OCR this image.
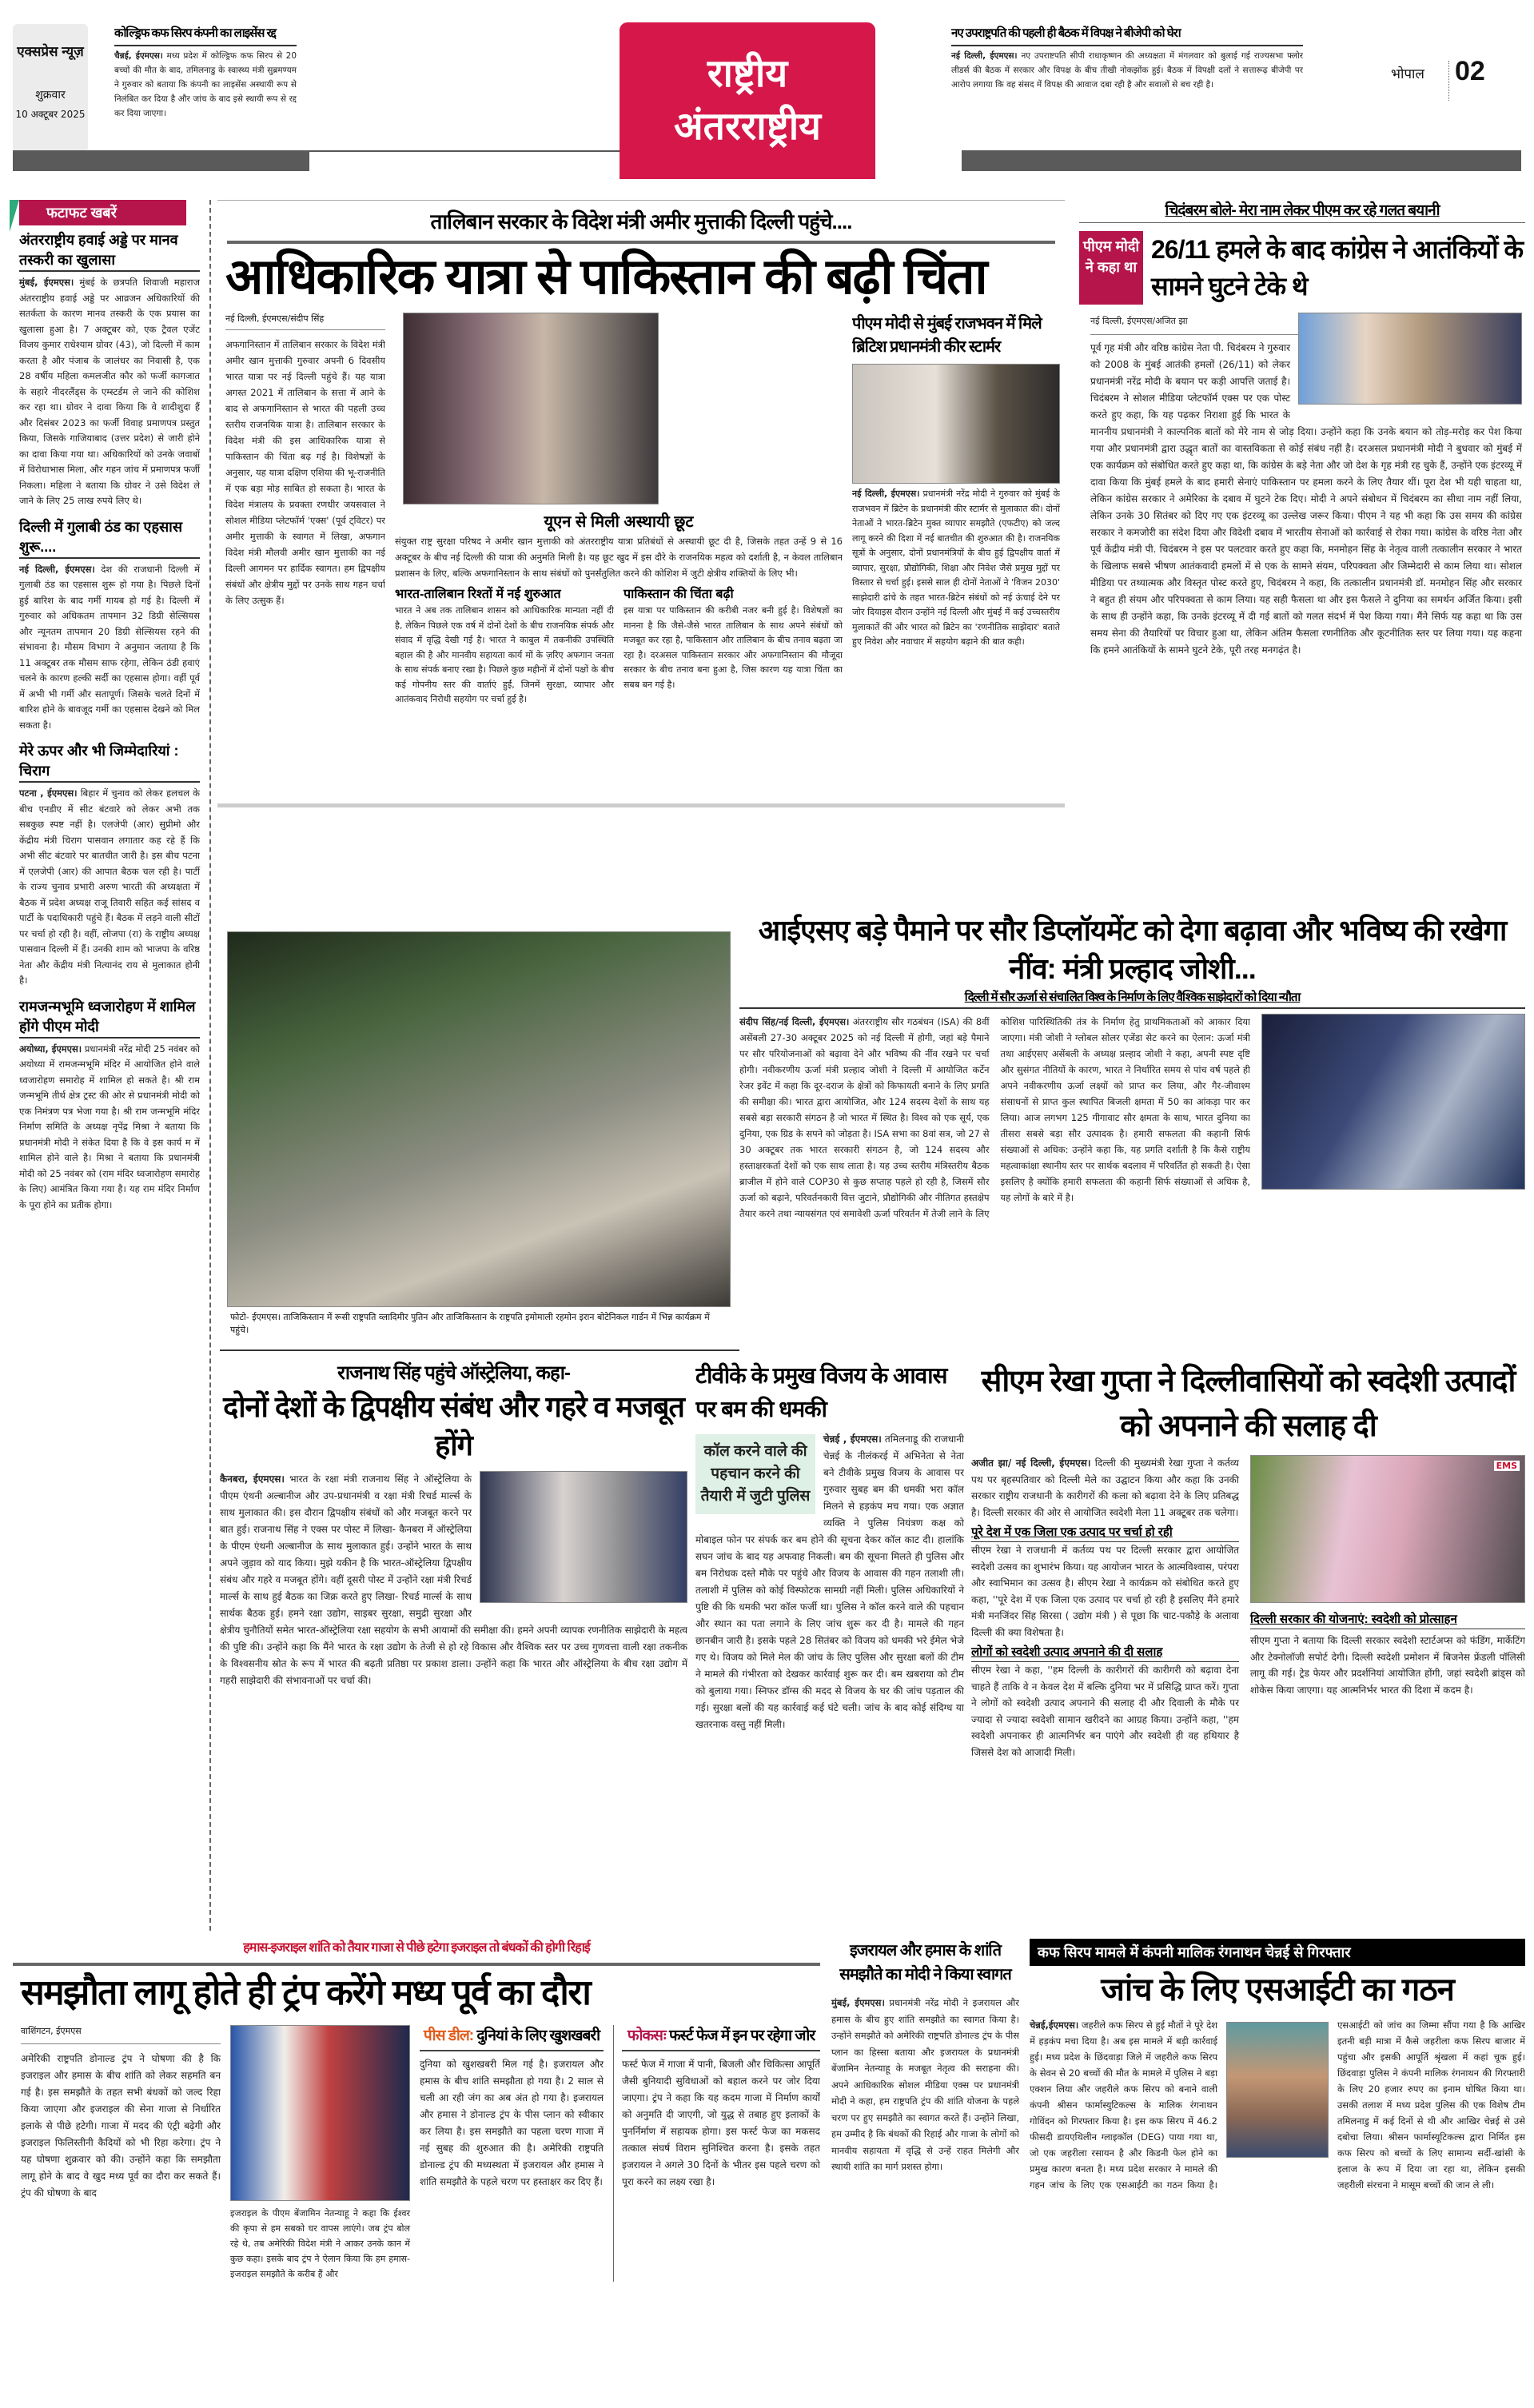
एक्सप्रेस न्यूज़
शुक्रवार
10 अक्टूबर 2025
कोल्ड्रिफ कफ सिरप कंपनी का लाइसेंस रद्द
चैन्नई, ईएमएस। मध्य प्रदेश में कोल्ड्रिफ कफ सिरप से 20 बच्चों की मौत के बाद, तमिलनाडु के स्वास्थ्य मंत्री सुब्रमण्यम ने गुरुवार को बताया कि कंपनी का लाइसेंस अस्थायी रूप से निलंबित कर दिया है और जांच के बाद इसे स्थायी रूप से रद्द कर दिया जाएगा।
राष्ट्रीय
अंतरराष्ट्रीय
नए उपराष्ट्रपति की पहली ही बैठक में विपक्ष ने बीजेपी को घेरा
नई दिल्ली, ईएमएस। नए उपराष्टपति सीपी राधाकृष्णन की अध्यक्षता में मंगलवार को बुलाई गई राज्यसभा फ्लोर लीडर्स की बैठक में सरकार और विपक्ष के बीच तीखी नोकझोंक हुई। बैठक में विपक्षी दलों ने सत्तारूढ़ बीजेपी पर आरोप लगाया कि वह संसद में विपक्ष की आवाज दबा रही है और सवालों से बच रही है।
भोपाल 02
फटाफट खबरें
अंतरराष्ट्रीय हवाई अड्डे पर मानव तस्करी का खुलासा
मुंबई, ईएमएस। मुंबई के छत्रपति शिवाजी महाराज अंतरराष्ट्रीय हवाई अड्डे पर आव्रजन अधिकारियों की सतर्कता के कारण मानव तस्करी के एक प्रयास का खुलासा हुआ है। 7 अक्टूबर को, एक ट्रैवल एजेंट विजय कुमार राधेश्याम ग्रोवर (43), जो दिल्ली में काम करता है और पंजाब के जालंधर का निवासी है, एक 28 वर्षीय महिला कमलजीत कौर को फर्जी कागजात के सहारे नीदरलैंड्स के एम्स्टर्डम ले जाने की कोशिश कर रहा था। ग्रोवर ने दावा किया कि वे शादीशुदा हैं और दिसंबर 2023 का फर्जी विवाह प्रमाणपत्र प्रस्तुत किया, जिसके गाजियाबाद (उत्तर प्रदेश) से जारी होने का दावा किया गया था। अधिकारियों को उनके जवाबों में विरोधाभास मिला, और गहन जांच में प्रमाणपत्र फर्जी निकला। महिला ने बताया कि ग्रोवर ने उसे विदेश ले जाने के लिए 25 लाख रुपये लिए थे।
दिल्ली में गुलाबी ठंड का एहसास शुरू....
नई दिल्ली, ईएमएस। देश की राजधानी दिल्ली में गुलाबी ठंड का एहसास शुरू हो गया है। पिछले दिनों हुई बारिश के बाद गर्मी गायब हो गई है। दिल्ली में गुरुवार को अधिकतम तापमान 32 डिग्री सेल्सियस और न्यूनतम तापमान 20 डिग्री सेल्सियस रहने की संभावना है। मौसम विभाग ने अनुमान जताया है कि 11 अक्टूबर तक मौसम साफ रहेगा, लेकिन ठंडी हवाएं चलने के कारण हल्की सर्दी का एहसास होगा। वहीं पूर्व में अभी भी गर्मी और सतापूर्ण। जिसके चलते दिनों में बारिश होने के बावजूद गर्मी का एहसास देखने को मिल सकता है।
मेरे ऊपर और भी जिम्मेदारियां : चिराग
पटना , ईएमएस। बिहार में चुनाव को लेकर हलचल के बीच एनडीए में सीट बंटवारे को लेकर अभी तक सबकुछ स्पष्ट नहीं है। एलजेपी (आर) सुप्रीमो और केंद्रीय मंत्री चिराग पासवान लगातार कह रहे हैं कि अभी सीट बंटवारे पर बातचीत जारी है। इस बीच पटना में एलजेपी (आर) की आपात बैठक चल रही है। पार्टी के राज्य चुनाव प्रभारी अरुण भारती की अध्यक्षता में बैठक में प्रदेश अध्यक्ष राजू तिवारी सहित कई सांसद व पार्टी के पदाधिकारी पहुंचे हैं। बैठक में लड़ने वाली सीटों पर चर्चा हो रही है। वहीं, लोजपा (रा) के राष्ट्रीय अध्यक्ष पासवान दिल्ली में हैं। उनकी शाम को भाजपा के वरिष्ठ नेता और केंद्रीय मंत्री नित्यानंद राय से मुलाकात होनी है।
रामजन्मभूमि ध्वजारोहण में शामिल होंगे पीएम मोदी
अयोध्या, ईएमएस। प्रधानमंत्री नरेंद्र मोदी 25 नवंबर को अयोध्या में रामजन्मभूमि मंदिर में आयोजित होने वाले ध्वजारोहण समारोह में शामिल हो सकते है। श्री राम जन्मभूमि तीर्थ क्षेत्र ट्रस्ट की ओर से प्रधानमंत्री मोदी को एक निमंत्रण पत्र भेजा गया है। श्री राम जन्मभूमि मंदिर निर्माण समिति के अध्यक्ष नृपेंद्र मिश्रा ने बताया कि प्रधानमंत्री मोदी ने संकेत दिया है कि वे इस कार्य म में शामिल होने वाले है। मिश्रा ने बताया कि प्रधानमंत्री मोदी को 25 नवंबर को (राम मंदिर ध्वजारोहण समारोह के लिए) आमंत्रित किया गया है। यह राम मंदिर निर्माण के पूरा होने का प्रतीक होगा।
तालिबान सरकार के विदेश मंत्री अमीर मुत्ताकी दिल्ली पहुंचे....
आधिकारिक यात्रा से पाकिस्तान की बढ़ी चिंता
नई दिल्ली, ईएमएस/संदीप सिंह
अफगानिस्तान में तालिबान सरकार के विदेश मंत्री अमीर खान मुत्ताकी गुरुवार अपनी 6 दिवसीय भारत यात्रा पर नई दिल्ली पहुंचे हैं। यह यात्रा अगस्त 2021 में तालिबान के सत्ता में आने के बाद से अफगानिस्तान से भारत की पहली उच्च स्तरीय राजनयिक यात्रा है। तालिबान सरकार के विदेश मंत्री की इस आधिकारिक यात्रा से पाकिस्तान की चिंता बढ़ गई है। विशेषज्ञों के अनुसार, यह यात्रा दक्षिण एशिया की भू-राजनीति में एक बड़ा मोड़ साबित हो सकता है। भारत के विदेश मंत्रालय के प्रवक्ता रणधीर जयसवाल ने सोशल मीडिया प्लेटफॉर्म 'एक्स' (पूर्व ट्विटर) पर अमीर मुत्ताकी के स्वागत में लिखा, अफगान विदेश मंत्री मौलवी अमीर खान मुत्ताकी का नई दिल्ली आगमन पर हार्दिक स्वागत। हम द्विपक्षीय संबंधों और क्षेत्रीय मुद्दों पर उनके साथ गहन चर्चा के लिए उत्सुक हैं।
यूएन से मिली अस्थायी छूट
संयुक्त राष्ट्र सुरक्षा परिषद ने अमीर खान मुत्ताकी को अंतरराष्ट्रीय यात्रा प्रतिबंधों से अस्थायी छूट दी है, जिसके तहत उन्हें 9 से 16 अक्टूबर के बीच नई दिल्ली की यात्रा की अनुमति मिली है। यह छूट खुद में इस दौरे के राजनयिक महत्व को दर्शाती है, न केवल तालिबान प्रशासन के लिए, बल्कि अफगानिस्तान के साथ संबंधों को पुनर्संतुलित करने की कोशिश में जुटी क्षेत्रीय शक्तियों के लिए भी।
भारत-तालिबान रिश्तों में नई शुरुआत
भारत ने अब तक तालिबान शासन को आधिकारिक मान्यता नहीं दी है, लेकिन पिछले एक वर्ष में दोनों देशों के बीच राजनयिक संपर्क और संवाद में वृद्धि देखी गई है। भारत ने काबुल में तकनीकी उपस्थिति बहाल की है और मानवीय सहायता कार्य मों के ज़रिए अफगान जनता के साथ संपर्क बनाए रखा है। पिछले कुछ महीनों में दोनों पक्षों के बीच कई गोपनीय स्तर की वार्ताएं हुईं, जिनमें सुरक्षा, व्यापार और आतंकवाद निरोधी सहयोग पर चर्चा हुई है।
पाकिस्तान की चिंता बढ़ी
इस यात्रा पर पाकिस्तान की करीबी नजर बनी हुई है। विशेषज्ञों का मानना है कि जैसे-जैसे भारत तालिबान के साथ अपने संबंधों को मजबूत कर रहा है, पाकिस्तान और तालिबान के बीच तनाव बढ़ता जा रहा है। दरअसल पाकिस्तान सरकार और अफगानिस्तान की मौजूदा सरकार के बीच तनाव बना हुआ है, जिस कारण यह यात्रा चिंता का सबब बन गई है।
पीएम मोदी से मुंबई राजभवन में मिले ब्रिटिश प्रधानमंत्री कीर स्टार्मर
नई दिल्ली, ईएमएस। प्रधानमंत्री नरेंद्र मोदी ने गुरुवार को मुंबई के राजभवन में ब्रिटेन के प्रधानमंत्री कीर स्टार्मर से मुलाकात की। दोनों नेताओं ने भारत-ब्रिटेन मुक्त व्यापार समझौते (एफटीए) को जल्द लागू करने की दिशा में नई बातचीत की शुरुआत की है। राजनयिक सूत्रों के अनुसार, दोनों प्रधानमंत्रियों के बीच हुई द्विपक्षीय वार्ता में व्यापार, सुरक्षा, प्रौद्योगिकी, शिक्षा और निवेश जैसे प्रमुख मुद्दों पर विस्तार से चर्चा हुई। इससे साल ही दोनों नेताओं ने 'विजन 2030' साझेदारी ढांचे के तहत भारत-ब्रिटेन संबंधों को नई ऊंचाई देने पर जोर दियाइस दौरान उन्होंने नई दिल्ली और मुंबई में कई उच्चस्तरीय मुलाकातें कीं और भारत को ब्रिटेन का 'रणनीतिक साझेदार' बताते हुए निवेश और नवाचार में सहयोग बढ़ाने की बात कही।
चिदंबरम बोले- मेरा नाम लेकर पीएम कर रहे गलत बयानी
पीएम मोदी ने कहा था
26/11 हमले के बाद कांग्रेस ने आतंकियों के सामने घुटने टेके थे
नई दिल्ली, ईएमएस/अजित झा
पूर्व गृह मंत्री और वरिष्ठ कांग्रेस नेता पी. चिदंबरम ने गुरुवार को 2008 के मुंबई आतंकी हमलों (26/11) को लेकर प्रधानमंत्री नरेंद्र मोदी के बयान पर कड़ी आपत्ति जताई है। चिदंबरम ने सोशल मीडिया प्लेटफॉर्म एक्स पर एक पोस्ट करते हुए कहा, कि यह पढ़कर निराशा हुई कि भारत के माननीय प्रधानमंत्री ने काल्पनिक बातों को मेरे नाम से जोड़ दिया। उन्होंने कहा कि उनके बयान को तोड़-मरोड़ कर पेश किया गया और प्रधानमंत्री द्वारा उद्धृत बातों का वास्तविकता से कोई संबंध नहीं है। दरअसल प्रधानमंत्री मोदी ने बुधवार को मुंबई में एक कार्यक्रम को संबोधित करते हुए कहा था, कि कांग्रेस के बड़े नेता और जो देश के गृह मंत्री रह चुके हैं, उन्होंने एक इंटरव्यू में दावा किया कि मुंबई हमले के बाद हमारी सेनाएं पाकिस्तान पर हमला करने के लिए तैयार थीं। पूरा देश भी यही चाहता था, लेकिन कांग्रेस सरकार ने अमेरिका के दबाव में घुटने टेक दिए। मोदी ने अपने संबोधन में चिदंबरम का सीधा नाम नहीं लिया, लेकिन उनके 30 सितंबर को दिए गए एक इंटरव्यू का उल्लेख जरूर किया। पीएम ने यह भी कहा कि उस समय की कांग्रेस सरकार ने कमजोरी का संदेश दिया और विदेशी दबाव में भारतीय सेनाओं को कार्रवाई से रोका गया। कांग्रेस के वरिष्ठ नेता और पूर्व केंद्रीय मंत्री पी. चिदंबरम ने इस पर पलटवार करते हुए कहा कि, मनमोहन सिंह के नेतृत्व वाली तत्कालीन सरकार ने भारत के खिलाफ सबसे भीषण आतंकवादी हमलों में से एक के सामने संयम, परिपक्वता और जिम्मेदारी से काम लिया था। सोशल मीडिया पर तथ्यात्मक और विस्तृत पोस्ट करते हुए, चिदंबरम ने कहा, कि तत्कालीन प्रधानमंत्री डॉ. मनमोहन सिंह और सरकार ने बहुत ही संयम और परिपक्वता से काम लिया। यह सही फैसला था और इस फैसले ने दुनिया का समर्थन अर्जित किया। इसी के साथ ही उन्होंने कहा, कि उनके इंटरव्यू में दी गई बातों को गलत संदर्भ में पेश किया गया। मैंने सिर्फ यह कहा था कि उस समय सेना की तैयारियों पर विचार हुआ था, लेकिन अंतिम फैसला रणनीतिक और कूटनीतिक स्तर पर लिया गया। यह कहना कि हमने आतंकियों के सामने घुटने टेके, पूरी तरह मनगढ़ंत है।
फोटो- ईएमएस। ताजिकिस्तान में रूसी राष्ट्रपति व्लादिमीर पुतिन और ताजिकिस्तान के राष्ट्रपति इमोमाली रहमोन इरान बोटेनिकल गार्डन में भिन्न कार्यक्रम में पहुंचे।
आईएसए बड़े पैमाने पर सौर डिप्लॉयमेंट को देगा बढ़ावा और भविष्य की रखेगा नींव: मंत्री प्रल्हाद जोशी...
दिल्ली में सौर ऊर्जा से संचालित विश्व के निर्माण के लिए वैश्विक साझेदारों को दिया न्यौता
संदीप सिंह/नई दिल्ली, ईएमएस। अंतरराष्ट्रीय सौर गठबंधन (ISA) की 8वीं असेंबली 27-30 अक्टूबर 2025 को नई दिल्ली में होगी, जहां बड़े पैमाने पर सौर परियोजनाओं को बढ़ावा देने और भविष्य की नींव रखने पर चर्चा होगी। नवीकरणीय ऊर्जा मंत्री प्रल्हाद जोशी ने दिल्ली में आयोजित कर्टेन रेजर इवेंट में कहा कि दूर-दराज के क्षेत्रों को किफायती बनाने के लिए प्रगति की समीक्षा की। भारत द्वारा आयोजित, और 124 सदस्य देशों के साथ यह सबसे बड़ा सरकारी संगठन है जो भारत में स्थित है। विश्व को एक सूर्य, एक दुनिया, एक ग्रिड के सपने को जोड़ता है। ISA सभा का 8वां सत्र, जो 27 से 30 अक्टूबर तक भारत सरकारी संगठन है, जो 124 सदस्य और हस्ताक्षरकर्ता देशों को एक साथ लाता है। यह उच्च स्तरीय मंत्रिस्तरीय बैठक ब्राजील में होने वाले COP30 से कुछ सप्ताह पहले हो रही है, जिसमें सौर ऊर्जा को बढ़ाने, परिवर्तनकारी वित्त जुटाने, प्रौद्योगिकी और नीतिगत हस्तक्षेप तैयार करने तथा न्यायसंगत एवं समावेशी ऊर्जा परिवर्तन में तेजी लाने के लिए कोशिश पारिस्थितिकी तंत्र के निर्माण हेतु प्राथमिकताओं को आकार दिया जाएगा। मंत्री जोशी ने ग्लोबल सोलर एजेंडा सेट करने का ऐलान: ऊर्जा मंत्री तथा आईएसए असेंबली के अध्यक्ष प्रल्हाद जोशी ने कहा, अपनी स्पष्ट दृष्टि और सुसंगत नीतियों के कारण, भारत ने निर्धारित समय से पांच वर्ष पहले ही अपने नवीकरणीय ऊर्जा लक्ष्यों को प्राप्त कर लिया, और गैर-जीवाश्म संसाधनों से प्राप्त कुल स्थापित बिजली क्षमता में 50 का आंकड़ा पार कर लिया। आज लगभग 125 गीगावाट सौर क्षमता के साथ, भारत दुनिया का तीसरा सबसे बड़ा सौर उत्पादक है। हमारी सफलता की कहानी सिर्फ संख्याओं से अधिक: उन्होंने कहा कि, यह प्रगति दर्शाती है कि कैसे राष्ट्रीय महत्वाकांक्षा स्थानीय स्तर पर सार्थक बदलाव में परिवर्तित हो सकती है। ऐसा इसलिए है क्योंकि हमारी सफलता की कहानी सिर्फ संख्याओं से अधिक है, यह लोगों के बारे में है।
राजनाथ सिंह पहुंचे ऑस्ट्रेलिया, कहा-
दोनों देशों के द्विपक्षीय संबंध और गहरे व मजबूत होंगे
कैनबरा, ईएमएस। भारत के रक्षा मंत्री राजनाथ सिंह ने ऑस्ट्रेलिया के पीएम एंथनी अल्बानीज और उप-प्रधानमंत्री व रक्षा मंत्री रिचर्ड मार्ल्स के साथ मुलाकात की। इस दौरान द्विपक्षीय संबंधों को और मजबूत करने पर बात हुई। राजनाथ सिंह ने एक्स पर पोस्ट में लिखा- कैनबरा में ऑस्ट्रेलिया के पीएम एंथनी अल्बानीज के साथ मुलाकात हुई। उन्होंने भारत के साथ अपने जुड़ाव को याद किया। मुझे यकीन है कि भारत-ऑस्ट्रेलिया द्विपक्षीय संबंध और गहरे व मजबूत होंगे। वहीं दूसरी पोस्ट में उन्होंने रक्षा मंत्री रिचर्ड मार्ल्स के साथ हुई बैठक का जिक्र करते हुए लिखा- रिचर्ड मार्ल्स के साथ सार्थक बैठक हुई। हमने रक्षा उद्योग, साइबर सुरक्षा, समुद्री सुरक्षा और क्षेत्रीय चुनौतियों समेत भारत-ऑस्ट्रेलिया रक्षा सहयोग के सभी आयामों की समीक्षा की। हमने अपनी व्यापक रणनीतिक साझेदारी के महत्व की पुष्टि की। उन्होंने कहा कि मैंने भारत के रक्षा उद्योग के तेजी से हो रहे विकास और वैश्विक स्तर पर उच्च गुणवत्ता वाली रक्षा तकनीक के विश्वसनीय स्रोत के रूप में भारत की बढ़ती प्रतिष्ठा पर प्रकाश डाला। उन्होंने कहा कि भारत और ऑस्ट्रेलिया के बीच रक्षा उद्योग में गहरी साझेदारी की संभावनाओं पर चर्चा की।
टीवीके के प्रमुख विजय के आवास पर बम की धमकी
चेन्नई , ईएमएस।
कॉल करने वाले की पहचान करने की तैयारी में जुटी पुलिस
तमिलनाडू की राजधानी चेन्नई के नीलंकरई में अभिनेता से नेता बने टीवीके प्रमुख विजय के आवास पर गुरुवार सुबह बम की धमकी भरा कॉल मिलने से हड़कंप मच गया। एक अज्ञात व्यक्ति ने पुलिस नियंत्रण कक्ष को मोबाइल फोन पर संपर्क कर बम होने की सूचना देकर कॉल काट दी। हालांकि सघन जांच के बाद यह अफवाह निकली। बम की सूचना मिलते ही पुलिस और बम निरोधक दस्ते मौके पर पहुंचे और विजय के आवास की गहन तलाशी ली। तलाशी में पुलिस को कोई विस्फोटक सामग्री नहीं मिली। पुलिस अधिकारियों ने पुष्टि की कि धमकी भरा कॉल फर्जी था। पुलिस ने कॉल करने वाले की पहचान और स्थान का पता लगाने के लिए जांच शुरू कर दी है। मामले की गहन छानबीन जारी है। इसके पहले 28 सितंबर को विजय को धमकी भरे ईमेल भेजे गए थे। विजय को मिले मेल की जांच के लिए पुलिस और सुरक्षा बलों की टीम ने मामले की गंभीरता को देखकर कार्रवाई शुरू कर दी। बम खबराया को टीम को बुलाया गया। स्निफर डॉग्स की मदद से विजय के घर की जांच पड़ताल की गई। सुरक्षा बलों की यह कार्रवाई कई घंटे चली। जांच के बाद कोई संदिग्ध या खतरनाक वस्तु नहीं मिली।
सीएम रेखा गुप्ता ने दिल्लीवासियों को स्वदेशी उत्पादों को अपनाने की सलाह दी
अजीत झा/ नई दिल्ली, ईएमएस। दिल्ली की मुख्यमंत्री रेखा गुप्ता ने कर्तव्य पथ पर बृहस्पतिवार को दिल्ली मेले का उद्घाटन किया और कहा कि उनकी सरकार राष्ट्रीय राजधानी के कारीगरों की कला को बढ़ावा देने के लिए प्रतिबद्ध है। दिल्ली सरकार की ओर से आयोजित स्वदेशी मेला 11 अक्टूबर तक चलेगा।
पूरे देश में एक जिला एक उत्पाद पर चर्चा हो रही
सीएम रेखा ने राजधानी में कर्तव्य पथ पर दिल्ली सरकार द्वारा आयोजित स्वदेशी उत्सव का शुभारंभ किया। यह आयोजन भारत के आत्मविश्वास, परंपरा और स्वाभिमान का उत्सव है। सीएम रेखा ने कार्यक्रम को संबोधित करते हुए कहा, ''पूरे देश में एक जिला एक उत्पाद पर चर्चा हो रही है इसलिए मैंने हमारे मंत्री मनजिंदर सिंह सिरसा ( उद्योग मंत्री ) से पूछा कि चाट-पकौड़े के अलावा दिल्ली की क्या विशेषता है।
लोगों को स्वदेशी उत्पाद अपनाने की दी सलाह
सीएम रेखा ने कहा, ''हम दिल्ली के कारीगरों की कारीगरी को बढ़ावा देना चाहते हैं ताकि वे न केवल देश में बल्कि दुनिया भर में प्रसिद्धि प्राप्त करें। गुप्ता ने लोगों को स्वदेशी उत्पाद अपनाने की सलाह दी और दिवाली के मौके पर ज्यादा से ज्यादा स्वदेशी सामान खरीदने का आग्रह किया। उन्होंने कहा, ''हम स्वदेशी अपनाकर ही आत्मनिर्भर बन पाएंगे और स्वदेशी ही वह हथियार है जिससे देश को आजादी मिली।
EMS
दिल्ली सरकार की योजनाएं: स्वदेशी को प्रोत्साहन
सीएम गुप्ता ने बताया कि दिल्ली सरकार स्वदेशी स्टार्टअप्स को फंडिंग, मार्केटिंग और टेक्नोलॉजी सपोर्ट देगी। दिल्ली स्वदेशी प्रमोशन में बिजनेस फ्रेंडली पॉलिसी लागू की गई। ट्रेड फेयर और प्रदर्शनियां आयोजित होंगी, जहां स्वदेशी ब्रांड्स को शोकेस किया जाएगा। यह आत्मनिर्भर भारत की दिशा में कदम है।
हमास-इजराइल शांति को तैयार गाजा से पीछे हटेगा इजराइल तो बंधकों की होगी रिहाई
समझौता लागू होते ही ट्रंप करेंगे मध्य पूर्व का दौरा
वाशिंगटन, ईएमएस
अमेरिकी राष्ट्रपति डोनाल्ड ट्रंप ने घोषणा की है कि इजराइल और हमास के बीच शांति को लेकर सहमति बन गई है। इस समझौते के तहत सभी बंधकों को जल्द रिहा किया जाएगा और इजराइल की सेना गाजा से निर्धारित इलाके से पीछे हटेगी। गाजा में मदद की एंट्री बढ़ेगी और इजराइल फिलिस्तीनी कैदियों को भी रिहा करेगा। ट्रंप ने यह घोषणा शुक्रवार को की। उन्होंने कहा कि समझौता लागू होने के बाद वे खुद मध्य पूर्व का दौरा कर सकते हैं। ट्रंप की घोषणा के बाद
इजराइल के पीएम बेंजामिन नेतन्याहू ने कहा कि ईश्वर की कृपा से हम सबको घर वापस लाएंगे। जब ट्रंप बोल रहे थे, तब अमेरिकी विदेश मंत्री ने आकर उनके कान में कुछ कहा। इसके बाद ट्रंप ने ऐलान किया कि हम हमास-इजराइल समझौते के करीब हैं और
पीस डील: दुनियां के लिए खुशखबरी
दुनिया को खुशखबरी मिल गई है। इजरायल और हमास के बीच शांति समझौता हो गया है। 2 साल से चली आ रही जंग का अब अंत हो गया है। इजरायल और हमास ने डोनाल्ड ट्रंप के पीस प्लान को स्वीकार कर लिया है। इस समझौते का पहला चरण गाजा में नई सुबह की शुरुआत की है। अमेरिकी राष्ट्रपति डोनाल्ड ट्रंप की मध्यस्थता में इजरायल और हमास ने शांति समझौते के पहले चरण पर हस्ताक्षर कर दिए हैं।
फोकसः फर्स्ट फेज में इन पर रहेगा जोर
फर्स्ट फेज में गाजा में पानी, बिजली और चिकित्सा आपूर्ति जैसी बुनियादी सुविधाओं को बहाल करने पर जोर दिया जाएगा। ट्रंप ने कहा कि यह कदम गाजा में निर्माण कार्यों को अनुमति दी जाएगी, जो युद्ध से तबाह हुए इलाकों के पुनर्निर्माण में सहायक होगा। इस फर्स्ट फेज का मकसद तत्काल संघर्ष विराम सुनिश्चित करना है। इसके तहत इजरायल ने अगले 30 दिनों के भीतर इस पहले चरण को पूरा करने का लक्ष्य रखा है।
इजरायल और हमास के शांति समझौते का मोदी ने किया स्वागत
मुंबई, ईएमएस। प्रधानमंत्री नरेंद्र मोदी ने इजरायल और हमास के बीच हुए शांति समझौते का स्वागत किया है। उन्होंने समझौते को अमेरिकी राष्ट्रपति डोनाल्ड ट्रंप के पीस प्लान का हिस्सा बताया और इजरायल के प्रधानमंत्री बेंजामिन नेतन्याहू के मजबूत नेतृत्व की सराहना की। अपने आधिकारिक सोशल मीडिया एक्स पर प्रधानमंत्री मोदी ने कहा, हम राष्ट्रपति ट्रंप की शांति योजना के पहले चरण पर हुए समझौते का स्वागत करते हैं। उन्होंने लिखा, हम उम्मीद है कि बंधकों की रिहाई और गाजा के लोगों को मानवीय सहायता में वृद्धि से उन्हें राहत मिलेगी और स्थायी शांति का मार्ग प्रशस्त होगा।
कफ सिरप मामले में कंपनी मालिक रंगनाथन चेन्नई से गिरफ्तार
जांच के लिए एसआईटी का गठन
चेन्नई,ईएमएस। जहरीले कफ सिरप से हुई मौतों ने पूरे देश में हड़कंप मचा दिया है। अब इस मामले में बड़ी कार्रवाई हुई। मध्य प्रदेश के छिंदवाड़ा जिले में जहरीले कफ सिरप के सेवन से 20 बच्चों की मौत के मामले में पुलिस ने बड़ा एक्शन लिया और जहरीले कफ सिरप को बनाने वाली कंपनी श्रीसन फार्मास्युटिकल्स के मालिक रंगनाथन गोविंदन को गिरफ्तार किया है। इस कफ सिरप में 46.2 फीसदी डायएथिलीन ग्लाइकॉल (DEG) पाया गया था, जो एक जहरीला रसायन है और किडनी फेल होने का प्रमुख कारण बनता है। मध्य प्रदेश सरकार ने मामले की गहन जांच के लिए एक एसआईटी का गठन किया है। एसआईटी को जांच का जिम्मा सौंपा गया है कि आखिर इतनी बड़ी मात्रा में कैसे जहरीला कफ सिरप बाजार में पहुंचा और इसकी आपूर्ति श्रृंखला में कहां चूक हुई। छिंदवाड़ा पुलिस ने कंपनी मालिक रंगनाथन की गिरफ्तारी के लिए 20 हजार रुपए का इनाम घोषित किया था। उसकी तलाश में मध्य प्रदेश पुलिस की एक विशेष टीम तमिलनाडु में कई दिनों से थी और आखिर चेन्नई से उसे दबोचा लिया। श्रीसन फार्मास्यूटिकल्स द्वारा निर्मित इस कफ सिरप को बच्चों के लिए सामान्य सर्दी-खांसी के इलाज के रूप में दिया जा रहा था, लेकिन इसकी जहरीली संरचना ने मासूम बच्चों की जान ले ली।
